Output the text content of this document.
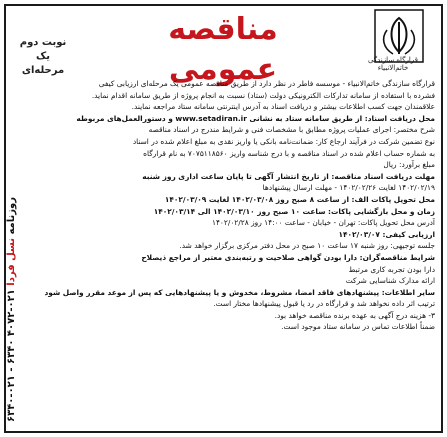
روزنامه نسل فردا ۰۲۱-۴۰۷۲ ۶۳۴۰ - ۰۲۱-۶۳۴۰
نوبت دوم
یک مرحله‌ای
مناقصه عمومی	قرارگاه سازندگی خاتم‌الانبیاء
قرارگاه سازندگی خاتم‌الانبیاء - موسسه فاطر در نظر دارد از طریق مناقصه عمومی یک مرحله‌ای ارزیابی کیفی
فشرده با استفاده از سامانه تدارکات الکترونیکی دولت (ستاد) نسبت به انجام پروژه از طریق سامانه اقدام نماید.
علاقمندان جهت کسب اطلاعات بیشتر و دریافت اسناد به آدرس اینترنتی سامانه ستاد مراجعه نمایند.
محل دریافت اسناد: از طریق سامانه ستاد به نشانی www.setadiran.ir و دستورالعمل‌های مربوطه
شرح مختصر: اجرای عملیات پروژه مطابق با مشخصات فنی و شرایط مندرج در اسناد مناقصه
نوع تضمین شرکت در فرآیند ارجاع کار: ضمانت‌نامه بانکی یا واریز نقدی به مبلغ اعلام شده در اسناد
به شماره حساب اعلام شده در اسناد مناقصه و با درج شناسه واریز ۷۰۷۵۱۱۸۵۶۰ به نام قرارگاه
مبلغ برآورد: ریال
مهلت دریافت اسناد مناقصه: از تاریخ انتشار آگهی تا پایان ساعت اداری روز شنبه
۱۴۰۲/۰۲/۱۹ لغایت ۱۴۰۲/۰۲/۲۶ - مهلت ارسال پیشنهادها
محل تحویل پاکات الف: از ساعت ۸ صبح روز ۱۴۰۲/۰۳/۰۸ لغایت ۱۴۰۲/۰۳/۰۹
زمان و محل بازگشایی پاکات: ساعت ۱۰ صبح روز ۱۴۰۲/۰۳/۱۰ الی ۱۴۰۲/۰۳/۱۴
آدرس محل تحویل پاکات: تهران - خیابان - ساعت ۱۴:۰۰ روز ۱۴۰۲/۰۲/۲۸
ارزیابی کیفی: ۱۴۰۲/۰۳/۰۷
جلسه توجیهی: روز شنبه ۱۷ ساعت ۱۰ صبح در محل دفتر مرکزی برگزار خواهد شد.
شرایط مناقصه‌گران: دارا بودن گواهی صلاحیت و رتبه‌بندی معتبر از مراجع ذیصلاح
دارا بودن تجربه کاری مرتبط
ارائه مدارک شناسایی شرکت
سایر اطلاعات: پیشنهادهای فاقد امضا، مشروط، مخدوش و یا پیشنهادهایی که پس از موعد مقرر واصل شود
ترتیب اثر داده نخواهد شد و قرارگاه در رد یا قبول پیشنهادها مختار است.
۳- هزینه درج آگهی به عهده برنده مناقصه خواهد بود.
ضمناً اطلاعات تماس در سامانه ستاد موجود است.
